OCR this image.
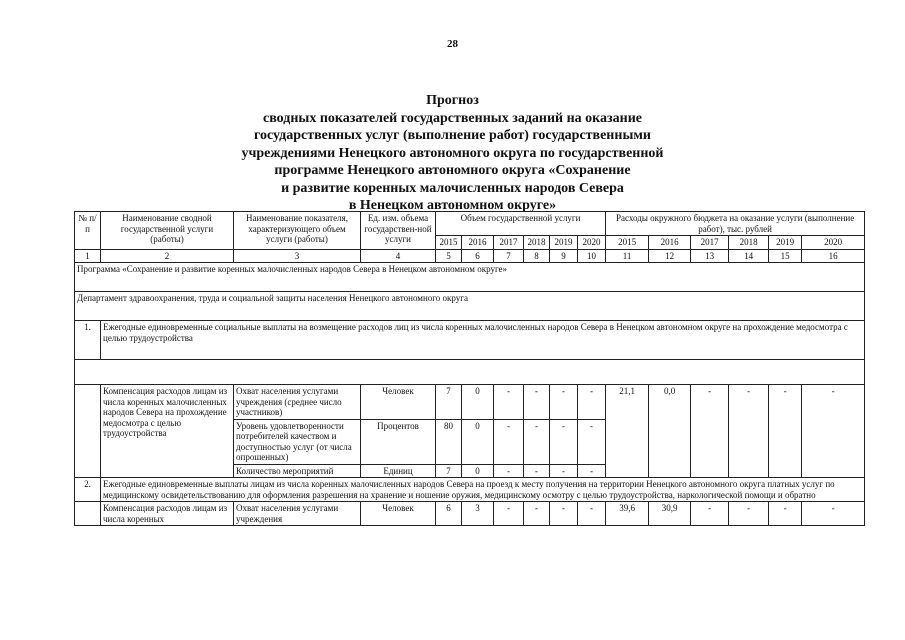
28
Прогноз
сводных показателей государственных заданий на оказание
государственных услуг (выполнение работ) государственными
учреждениями Ненецкого автономного округа по государственной
программе Ненецкого автономного округа «Сохранение
и развитие коренных малочисленных народов Севера
в Ненецком автономном округе»
№ п/п	Наименование сводной государственной услуги (работы)	Наименование показателя, характеризующего объем услуги (работы)	Ед. изм. объема государствен-ной услуги	Объем государственной услуги						Расходы окружного бюджета на оказание услуги (выполнение работ), тыс. рублей					
				2015	2016	2017	2018	2019	2020	2015	2016	2017	2018	2019	2020
1	2	3	4	5	6	7	8	9	10	11	12	13	14	15	16
Программа «Сохранение и развитие коренных малочисленных народов Севера в Ненецком автономном округе»															
Департамент здравоохранения, труда и социальной защиты населения Ненецкого автономного округа															
1.	Ежегодные единовременные социальные выплаты на возмещение расходов лиц из числа коренных малочисленных народов Севера в Ненецком автономном округе на прохождение медосмотра с целью трудоустройства														

	Компенсация расходов лицам из числа коренных малочисленных народов Севера на прохождение медосмотра с целью трудоустройства	Охват населения услугами учреждения (среднее число участников)	Человек	7	0	-	-	-	-	21,1	0,0	-	-	-	-
		Уровень удовлетворенности потребителей качеством и доступностью услуг (от числа опрошенных)	Процентов	80	0	-	-	-	-						
		Количество мероприятий	Единиц	7	0	-	-	-	-						
2.	Ежегодные единовременные выплаты лицам из числа коренных малочисленных народов Севера на проезд к месту получения на территории Ненецкого автономного округа платных услуг по медицинскому освидетельствованию для оформления разрешения на хранение и ношение оружия, медицинскому осмотру с целью трудоустройства, наркологической помощи и обратно														
	Компенсация расходов лицам из числа коренных	Охват населения услугами учреждения	Человек	6	3	-	-	-	-	39,6	30,9	-	-	-	-
